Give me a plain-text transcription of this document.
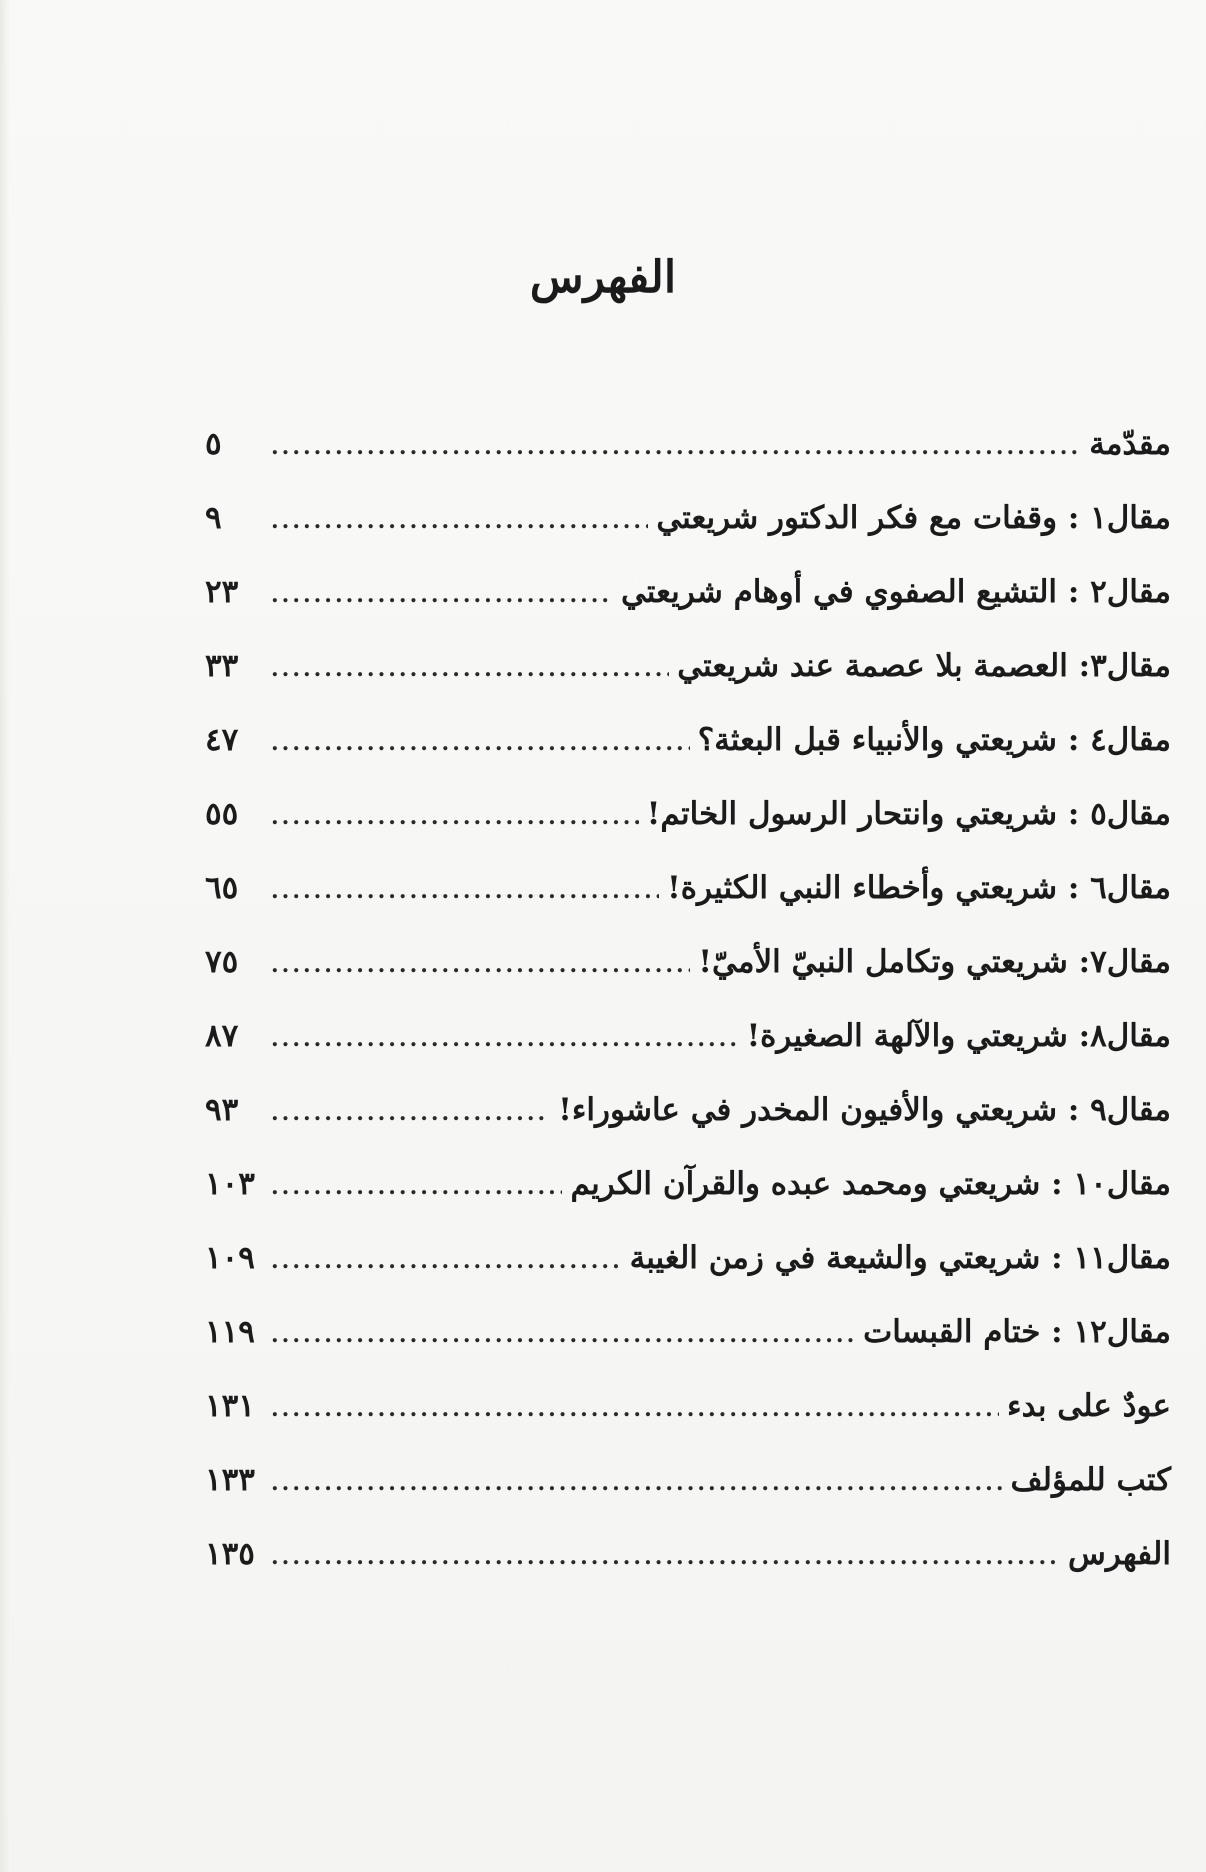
الفهرس
مقدّمة
.....
٥
مقال١ : وقفات مع فكر الدكتور شريعتي
.....
٩
مقال٢ : التشيع الصفوي في أوهام شريعتي
.....
٢٣
مقال٣: العصمة بلا عصمة عند شريعتي
.....
٣٣
مقال٤ : شريعتي والأنبياء قبل البعثة؟
.....
٤٧
مقال٥ : شريعتي وانتحار الرسول الخاتم!
.....
٥٥
مقال٦ : شريعتي وأخطاء النبي الكثيرة!
.....
٦٥
مقال٧: شريعتي وتكامل النبيّ الأميّ!
.....
٧٥
مقال٨: شريعتي والآلهة الصغيرة!
.....
٨٧
مقال٩ : شريعتي والأفيون المخدر في عاشوراء!
.....
٩٣
مقال١٠ : شريعتي ومحمد عبده والقرآن الكريم
.....
١٠٣
مقال١١ : شريعتي والشيعة في زمن الغيبة
.....
١٠٩
مقال١٢ : ختام القبسات
.....
١١٩
عودٌ على بدء
.....
١٣١
كتب للمؤلف
.....
١٣٣
الفهرس
.....
١٣٥
